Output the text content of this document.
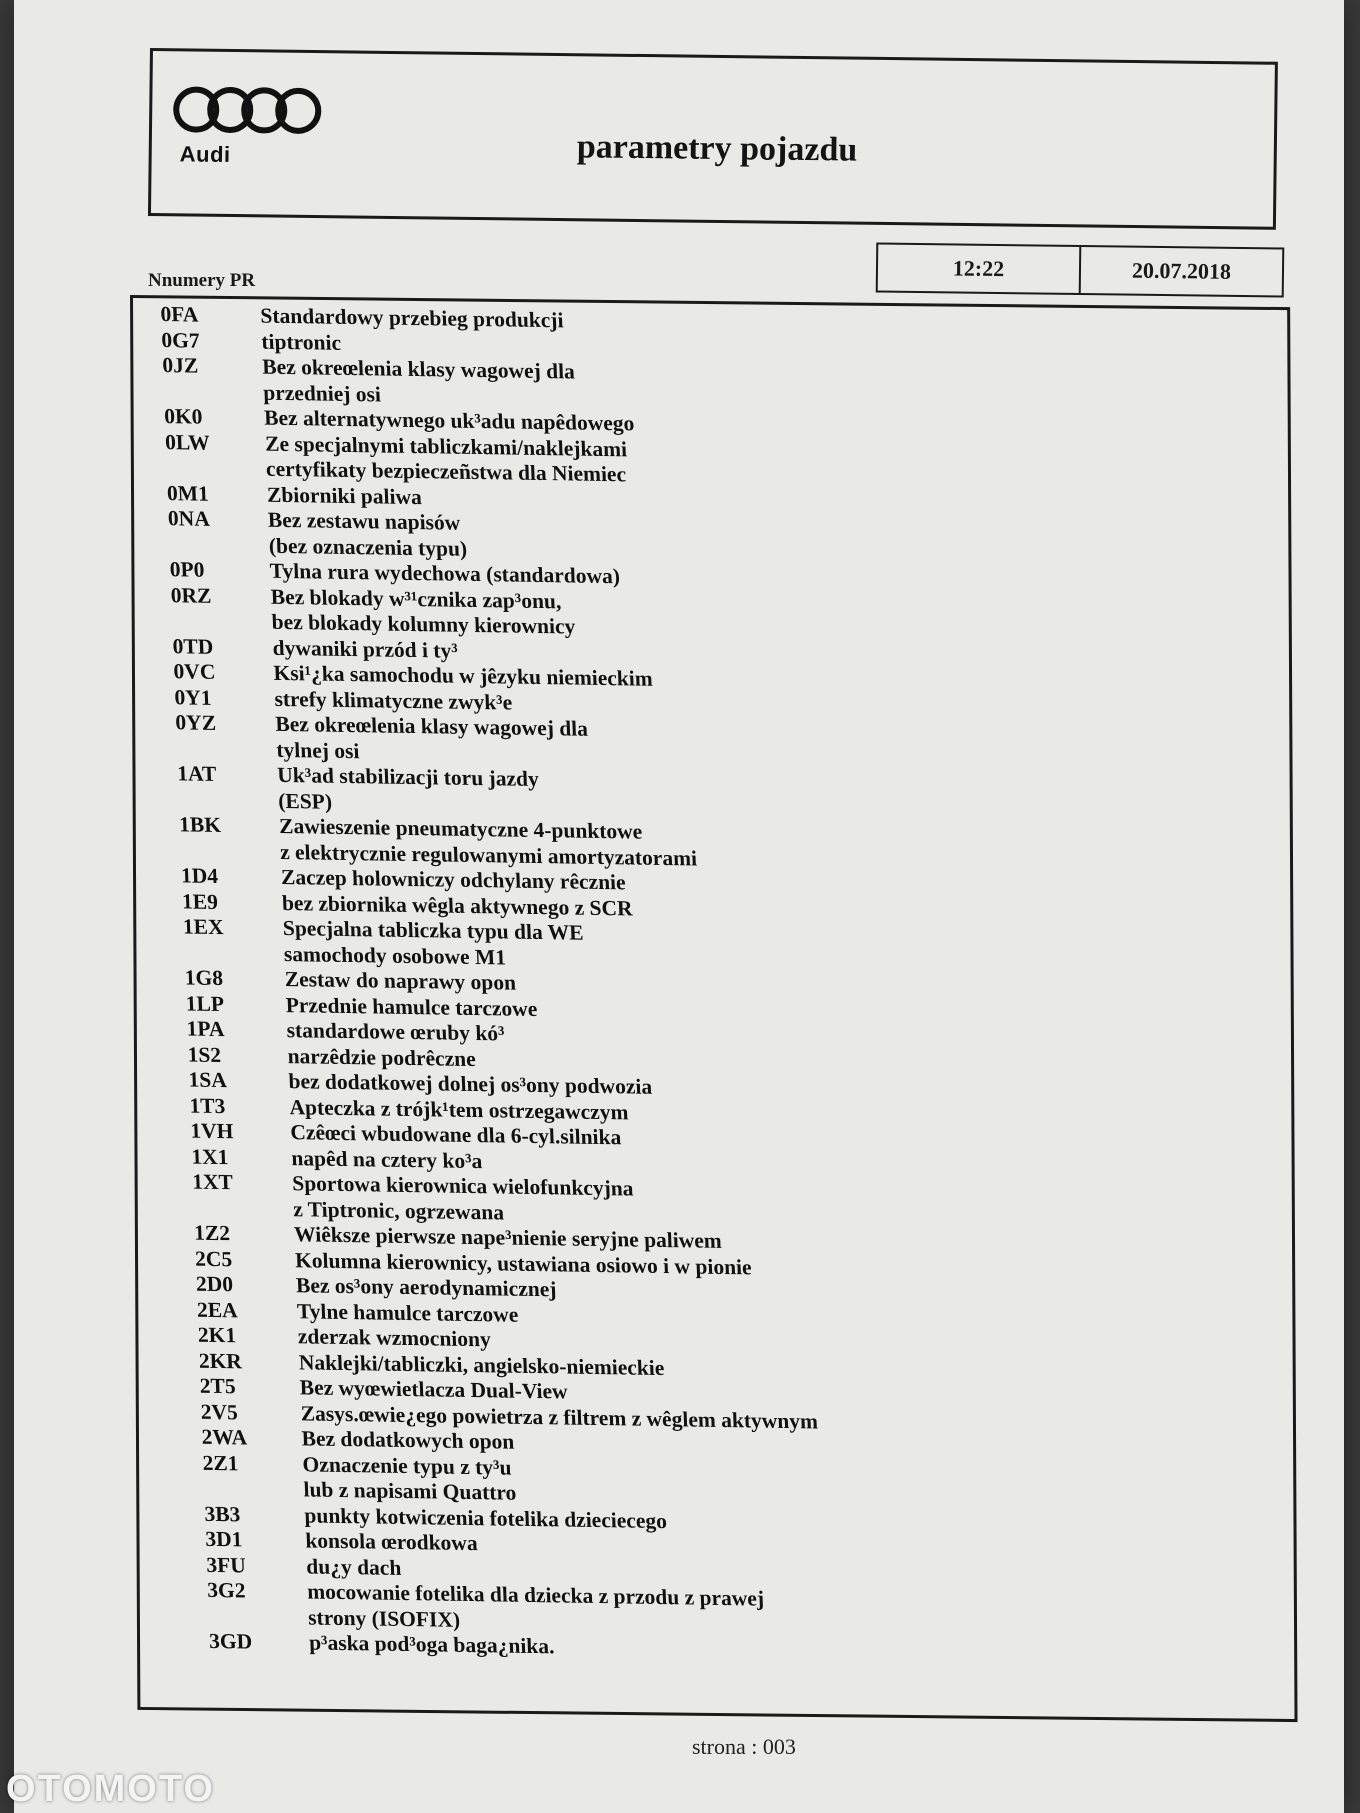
Audi	parametry pojazdu
Nnumery PR	12:22	20.07.2018
0FA	Standardowy przebieg produkcji
0G7	tiptronic
0JZ	Bez okreœlenia klasy wagowej dla
przedniej osi
0K0	Bez alternatywnego uk³adu napêdowego
0LW	Ze specjalnymi tabliczkami/naklejkami
certyfikaty bezpieczeñstwa dla Niemiec
0M1	Zbiorniki paliwa
0NA	Bez zestawu napisów
(bez oznaczenia typu)
0P0	Tylna rura wydechowa (standardowa)
0RZ	Bez blokady w³¹cznika zap³onu,
bez blokady kolumny kierownicy
0TD	dywaniki przód i ty³
0VC	Ksi¹¿ka samochodu w jêzyku niemieckim
0Y1	strefy klimatyczne zwyk³e
0YZ	Bez okreœlenia klasy wagowej dla
tylnej osi
1AT	Uk³ad stabilizacji toru jazdy
(ESP)
1BK	Zawieszenie pneumatyczne 4-punktowe
z elektrycznie regulowanymi amortyzatorami
1D4	Zaczep holowniczy odchylany rêcznie
1E9	bez zbiornika wêgla aktywnego z SCR
1EX	Specjalna tabliczka typu dla WE
samochody osobowe M1
1G8	Zestaw do naprawy opon
1LP	Przednie hamulce tarczowe
1PA	standardowe œruby kó³
1S2	narzêdzie podrêczne
1SA	bez dodatkowej dolnej os³ony podwozia
1T3	Apteczka z trójk¹tem ostrzegawczym
1VH	Czêœci wbudowane dla 6-cyl.silnika
1X1	napêd na cztery ko³a
1XT	Sportowa kierownica wielofunkcyjna
z Tiptronic, ogrzewana
1Z2	Wiêksze pierwsze nape³nienie seryjne paliwem
2C5	Kolumna kierownicy, ustawiana osiowo i w pionie
2D0	Bez os³ony aerodynamicznej
2EA	Tylne hamulce tarczowe
2K1	zderzak wzmocniony
2KR	Naklejki/tabliczki, angielsko-niemieckie
2T5	Bez wyœwietlacza Dual-View
2V5	Zasys.œwie¿ego powietrza z filtrem z wêglem aktywnym
2WA	Bez dodatkowych opon
2Z1	Oznaczenie typu z ty³u
lub z napisami Quattro
3B3	punkty kotwiczenia fotelika dzieciecego
3D1	konsola œrodkowa
3FU	du¿y dach
3G2	mocowanie fotelika dla dziecka z przodu z prawej
strony (ISOFIX)
3GD	p³aska pod³oga baga¿nika.
strona : 003
OTOMOTO
